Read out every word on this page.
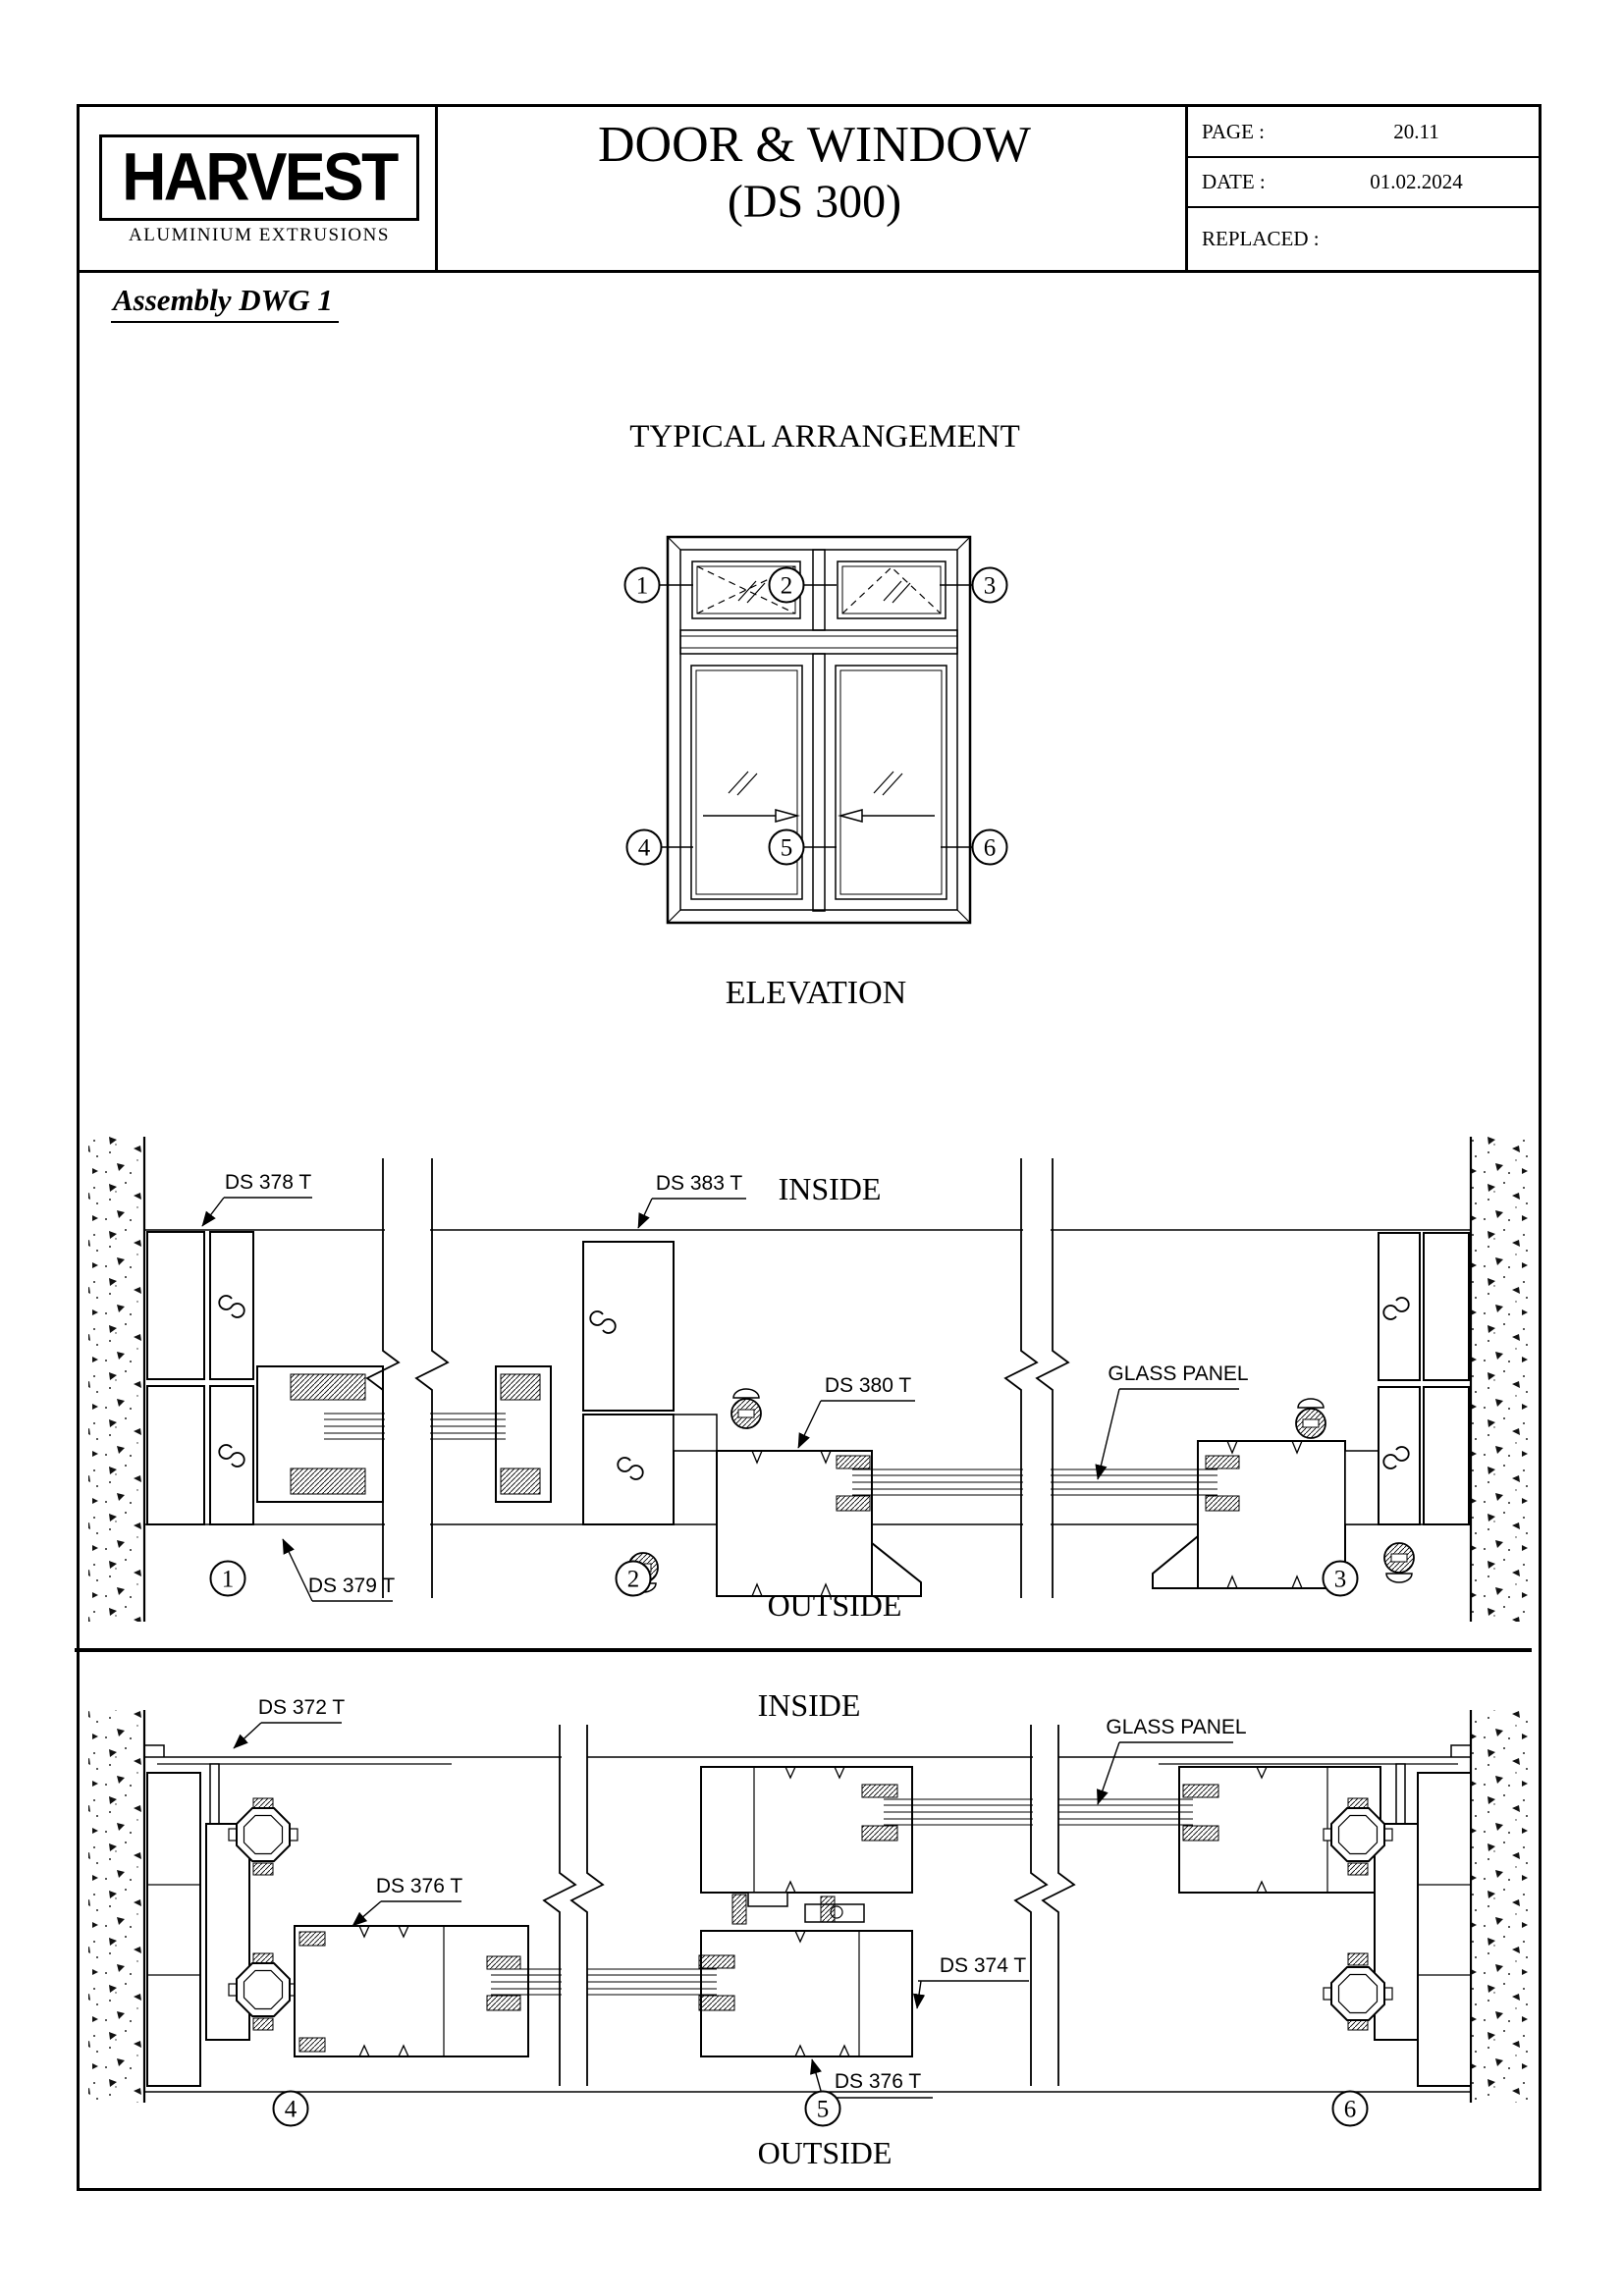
HARVEST
ALUMINIUM EXTRUSIONS
DOOR & WINDOW
(DS 300)
PAGE :	20.11
DATE :	01.02.2024
REPLACED :
Assembly DWG 1
TYPICAL ARRANGEMENT
1	2	3
4	5	6
ELEVATION
DS 378 T	DS 383 T INSIDE
DS 380 T
GLASS PANEL
DS 379 T
1	2	3
OUTSIDE
DS 372 T	INSIDE
GLASS PANEL
DS 376 T
DS 374 T
DS 376 T
4	5	6
OUTSIDE
